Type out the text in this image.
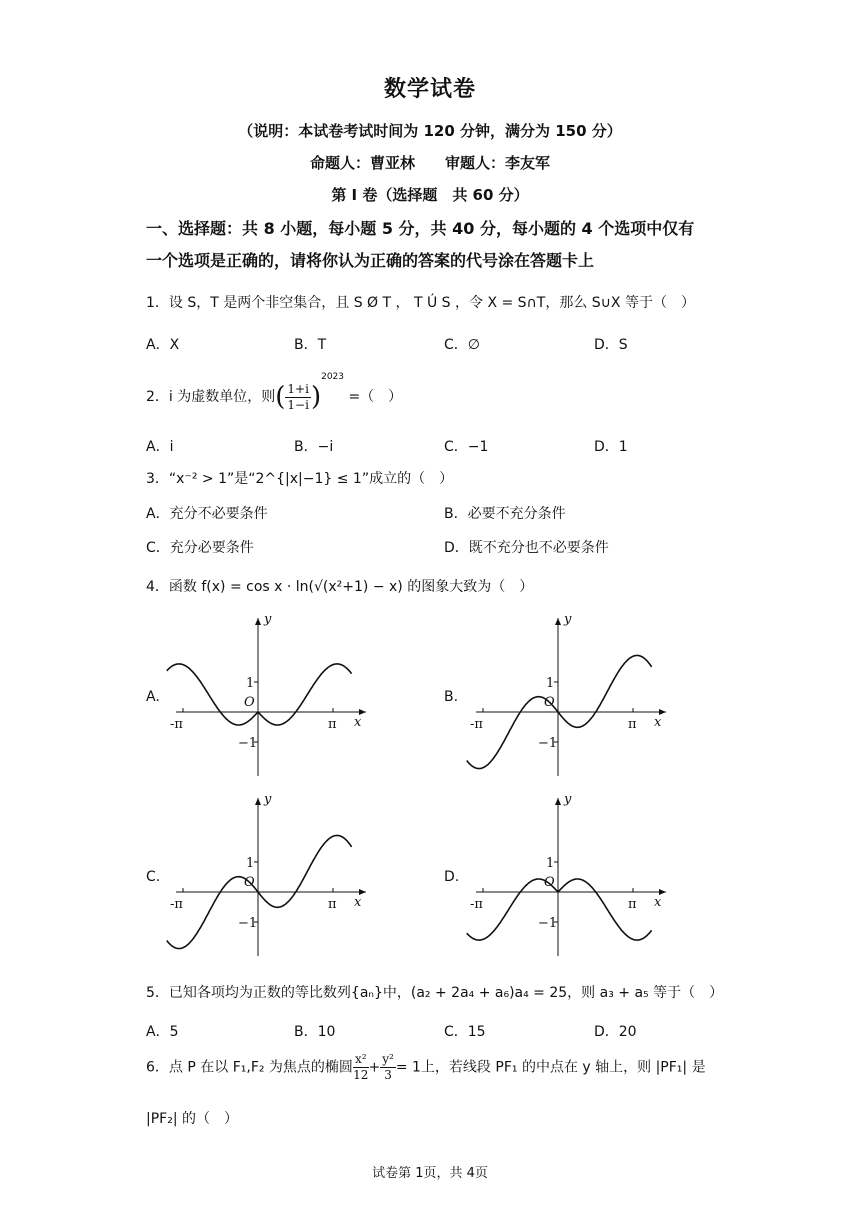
数学试卷
（说明：本试卷考试时间为 120 分钟，满分为 150 分）
命题人：曹亚林　　审题人：李友军
第 Ⅰ 卷（选择题　共 60 分）
一、选择题：共 8 小题，每小题 5 分，共 40 分，每小题的 4 个选项中仅有
一个选项是正确的，请将你认为正确的答案的代号涂在答题卡上
1．设 S，T 是两个非空集合，且 S Ø T ， T Ú S ，令 X = S∩T，那么 S∪X 等于（　）
A．X	B．T	C．∅	D．S
2．i 为虚数单位，则( $\frac{1+i}{1-i} )^{2023}$ =（　）
A．i	B．−i	C．−1	D．1
3．“x⁻² > 1”是“2^{|x|−1} ≤ 1”成立的（　）
A．充分不必要条件	B．必要不充分条件
C．充分必要条件	D．既不充分也不必要条件
4．函数 f(x) = cos x · ln(√(x²+1) − x) 的图象大致为（　）
A.	B.
C.	D.
y
x
O
1
−1
-π	π
y
x
O
1
−1
-π	π
y
x
O
1
−1
-π	π
y
x
O
1
−1
-π	π
5．已知各项均为正数的等比数列{aₙ}中，(a₂ + 2a₄ + a₆)a₄ = 25，则 a₃ + a₅ 等于（　）
A．5	B．10	C．15	D．20
6．点 P 在以 F₁,F₂ 为焦点的椭圆 $\frac{\text{x²}}{12} + \frac{\text{y²}}{3} = 1$上，若线段 PF₁ 的中点在 y 轴上，则 |PF₁| 是
|PF₂| 的（　）
试卷第 1页，共 4页
